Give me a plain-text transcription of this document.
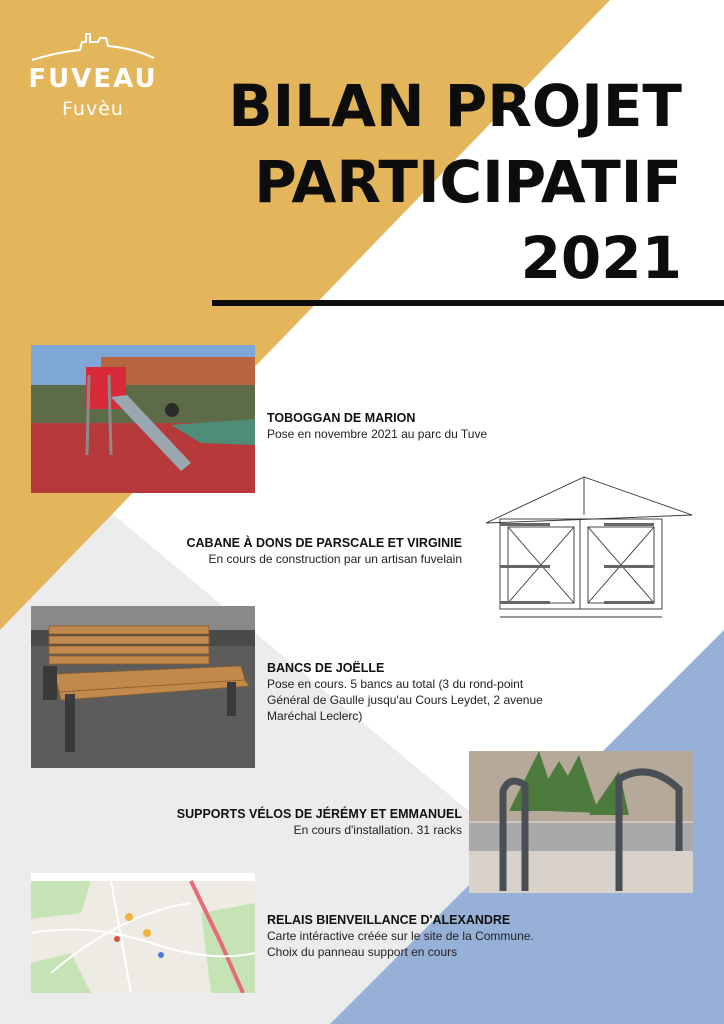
FUVEAU
Fuvèu	BILAN PROJET
PARTICIPATIF
2021
TOBOGGAN DE MARION
Pose en novembre 2021 au parc du Tuve
CABANE À DONS DE PARSCALE ET VIRGINIE
En cours de construction par un artisan fuvelain
BANCS DE JOËLLE
Pose en cours. 5 bancs au total (3 du rond-point
Général de Gaulle jusqu'au Cours Leydet, 2 avenue
Maréchal Leclerc)
SUPPORTS VÉLOS DE JÉRÉMY ET EMMANUEL
En cours d'installation. 31 racks
RELAIS BIENVEILLANCE D'ALEXANDRE
Carte intéractive créée sur le site de la Commune.
Choix du panneau support en cours
